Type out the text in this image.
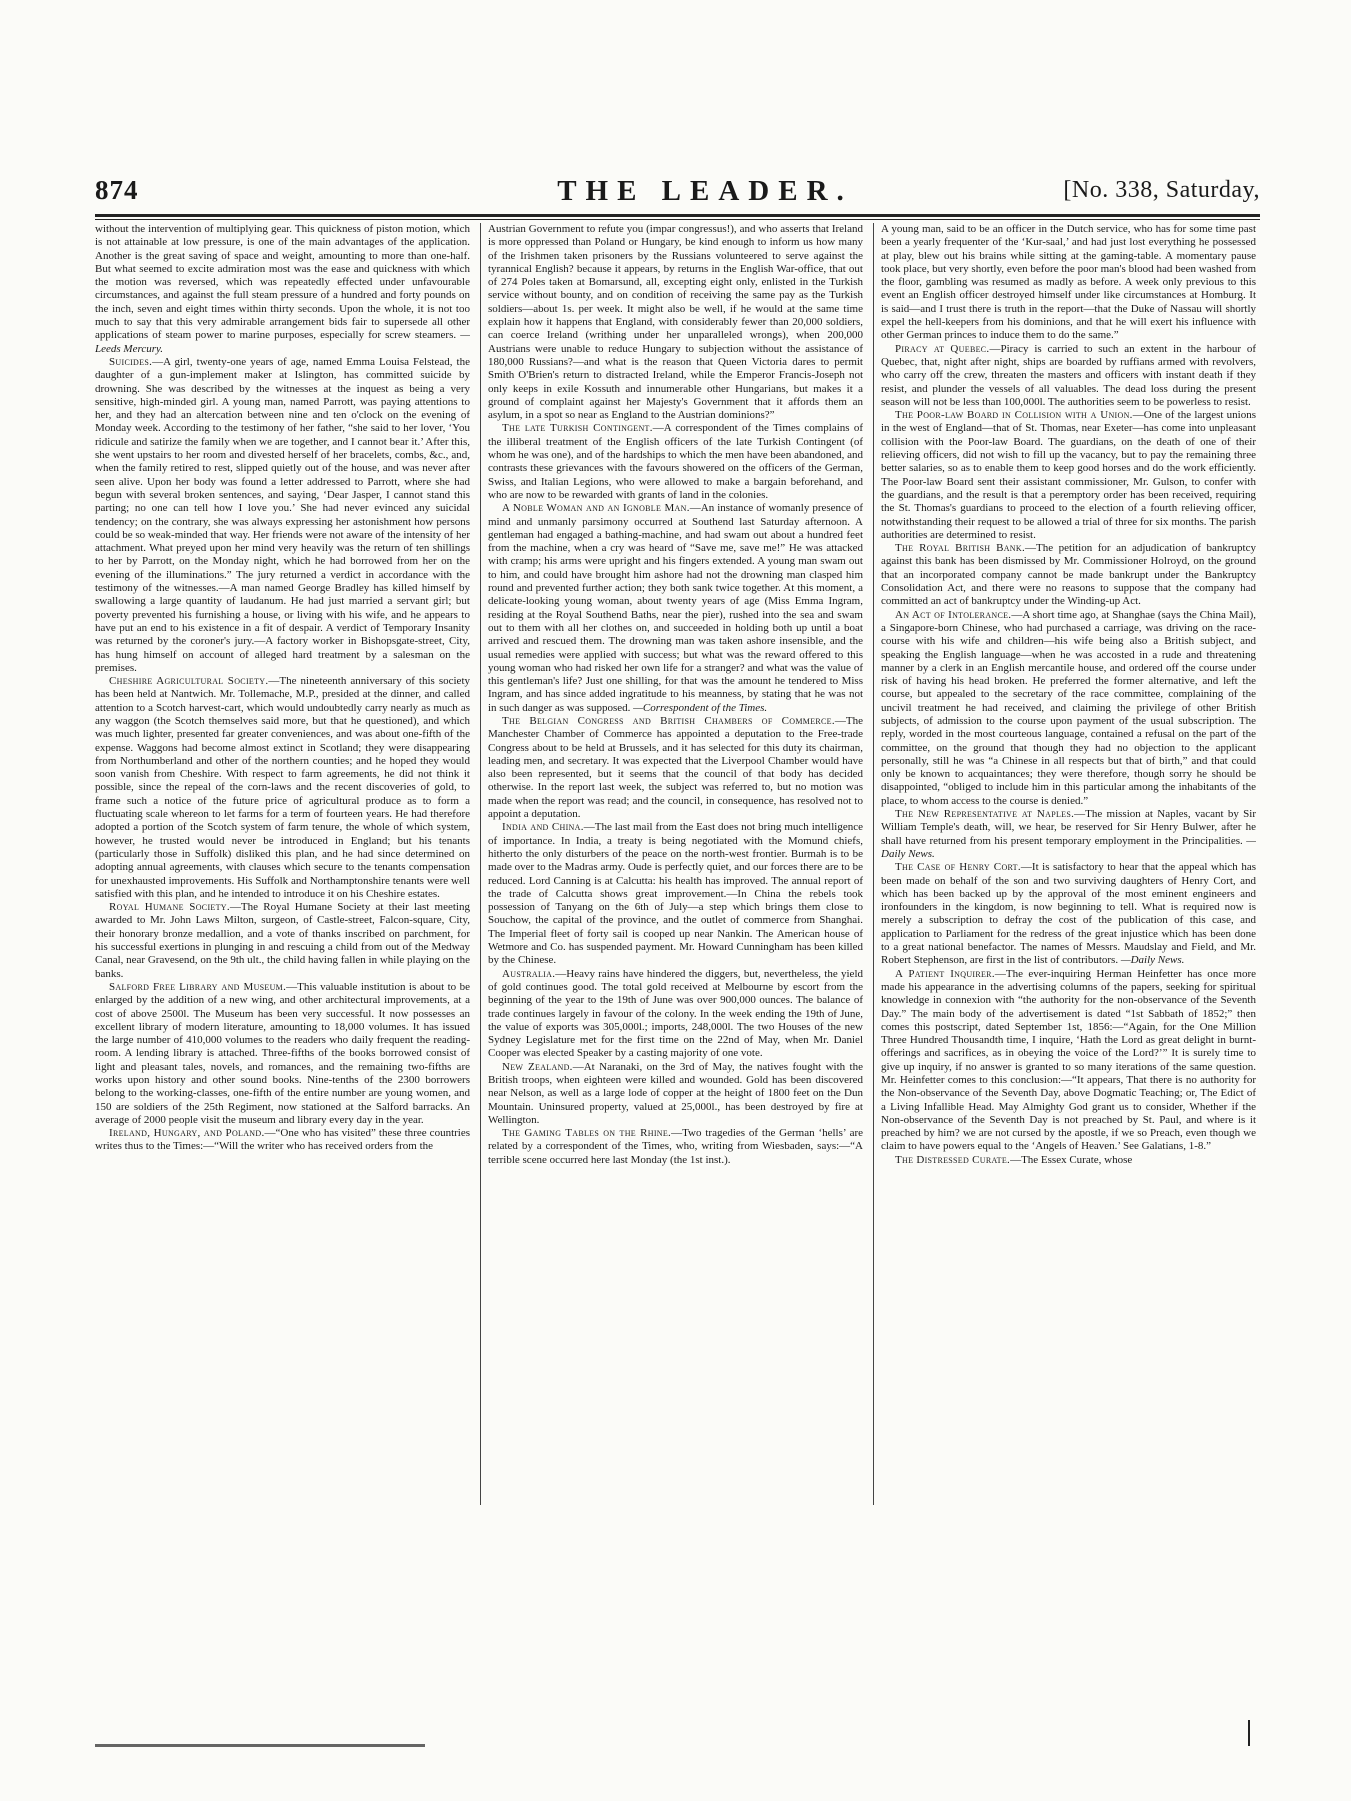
874	THE LEADER.	[No. 338, Saturday,

without the intervention of multiplying gear. This quickness of piston motion, which is not attainable at low pressure, is one of the main advantages of the application. Another is the great saving of space and weight, amounting to more than one-half. But what seemed to excite admiration most was the ease and quickness with which the motion was reversed, which was repeatedly effected under unfavourable circumstances, and against the full steam pressure of a hundred and forty pounds on the inch, seven and eight times within thirty seconds. Upon the whole, it is not too much to say that this very admirable arrangement bids fair to supersede all other applications of steam power to marine purposes, especially for screw steamers. —Leeds Mercury.

Suicides.—A girl, twenty-one years of age, named Emma Louisa Felstead, the daughter of a gun-implement maker at Islington, has committed suicide by drowning. She was described by the witnesses at the inquest as being a very sensitive, high-minded girl. A young man, named Parrott, was paying attentions to her, and they had an altercation between nine and ten o'clock on the evening of Monday week. According to the testimony of her father, “she said to her lover, ‘You ridicule and satirize the family when we are together, and I cannot bear it.’ After this, she went upstairs to her room and divested herself of her bracelets, combs, &c., and, when the family retired to rest, slipped quietly out of the house, and was never after seen alive. Upon her body was found a letter addressed to Parrott, where she had begun with several broken sentences, and saying, ‘Dear Jasper, I cannot stand this parting; no one can tell how I love you.’ She had never evinced any suicidal tendency; on the contrary, she was always expressing her astonishment how persons could be so weak-minded that way. Her friends were not aware of the intensity of her attachment. What preyed upon her mind very heavily was the return of ten shillings to her by Parrott, on the Monday night, which he had borrowed from her on the evening of the illuminations.” The jury returned a verdict in accordance with the testimony of the witnesses.—A man named George Bradley has killed himself by swallowing a large quantity of laudanum. He had just married a servant girl; but poverty prevented his furnishing a house, or living with his wife, and he appears to have put an end to his existence in a fit of despair. A verdict of Temporary Insanity was returned by the coroner's jury.—A factory worker in Bishopsgate-street, City, has hung himself on account of alleged hard treatment by a salesman on the premises.

Cheshire Agricultural Society.—The nineteenth anniversary of this society has been held at Nantwich. Mr. Tollemache, M.P., presided at the dinner, and called attention to a Scotch harvest-cart, which would undoubtedly carry nearly as much as any waggon (the Scotch themselves said more, but that he questioned), and which was much lighter, presented far greater conveniences, and was about one-fifth of the expense. Waggons had become almost extinct in Scotland; they were disappearing from Northumberland and other of the northern counties; and he hoped they would soon vanish from Cheshire. With respect to farm agreements, he did not think it possible, since the repeal of the corn-laws and the recent discoveries of gold, to frame such a notice of the future price of agricultural produce as to form a fluctuating scale whereon to let farms for a term of fourteen years. He had therefore adopted a portion of the Scotch system of farm tenure, the whole of which system, however, he trusted would never be introduced in England; but his tenants (particularly those in Suffolk) disliked this plan, and he had since determined on adopting annual agreements, with clauses which secure to the tenants compensation for unexhausted improvements. His Suffolk and Northamptonshire tenants were well satisfied with this plan, and he intended to introduce it on his Cheshire estates.

Royal Humane Society.—The Royal Humane Society at their last meeting awarded to Mr. John Laws Milton, surgeon, of Castle-street, Falcon-square, City, their honorary bronze medallion, and a vote of thanks inscribed on parchment, for his successful exertions in plunging in and rescuing a child from out of the Medway Canal, near Gravesend, on the 9th ult., the child having fallen in while playing on the banks.

Salford Free Library and Museum.—This valuable institution is about to be enlarged by the addition of a new wing, and other architectural improvements, at a cost of above 2500l. The Museum has been very successful. It now possesses an excellent library of modern literature, amounting to 18,000 volumes. It has issued the large number of 410,000 volumes to the readers who daily frequent the reading-room. A lending library is attached. Three-fifths of the books borrowed consist of light and pleasant tales, novels, and romances, and the remaining two-fifths are works upon history and other sound books. Nine-tenths of the 2300 borrowers belong to the working-classes, one-fifth of the entire number are young women, and 150 are soldiers of the 25th Regiment, now stationed at the Salford barracks. An average of 2000 people visit the museum and library every day in the year.

Ireland, Hungary, and Poland.—“One who has visited” these three countries writes thus to the Times:—“Will the writer who has received orders from the

Austrian Government to refute you (impar congressus!), and who asserts that Ireland is more oppressed than Poland or Hungary, be kind enough to inform us how many of the Irishmen taken prisoners by the Russians volunteered to serve against the tyrannical English? because it appears, by returns in the English War-office, that out of 274 Poles taken at Bomarsund, all, excepting eight only, enlisted in the Turkish service without bounty, and on condition of receiving the same pay as the Turkish soldiers—about 1s. per week. It might also be well, if he would at the same time explain how it happens that England, with considerably fewer than 20,000 soldiers, can coerce Ireland (writhing under her unparalleled wrongs), when 200,000 Austrians were unable to reduce Hungary to subjection without the assistance of 180,000 Russians?—and what is the reason that Queen Victoria dares to permit Smith O'Brien's return to distracted Ireland, while the Emperor Francis-Joseph not only keeps in exile Kossuth and innumerable other Hungarians, but makes it a ground of complaint against her Majesty's Government that it affords them an asylum, in a spot so near as England to the Austrian dominions?”

The late Turkish Contingent.—A correspondent of the Times complains of the illiberal treatment of the English officers of the late Turkish Contingent (of whom he was one), and of the hardships to which the men have been abandoned, and contrasts these grievances with the favours showered on the officers of the German, Swiss, and Italian Legions, who were allowed to make a bargain beforehand, and who are now to be rewarded with grants of land in the colonies.

A Noble Woman and an Ignoble Man.—An instance of womanly presence of mind and unmanly parsimony occurred at Southend last Saturday afternoon. A gentleman had engaged a bathing-machine, and had swam out about a hundred feet from the machine, when a cry was heard of “Save me, save me!” He was attacked with cramp; his arms were upright and his fingers extended. A young man swam out to him, and could have brought him ashore had not the drowning man clasped him round and prevented further action; they both sank twice together. At this moment, a delicate-looking young woman, about twenty years of age (Miss Emma Ingram, residing at the Royal Southend Baths, near the pier), rushed into the sea and swam out to them with all her clothes on, and succeeded in holding both up until a boat arrived and rescued them. The drowning man was taken ashore insensible, and the usual remedies were applied with success; but what was the reward offered to this young woman who had risked her own life for a stranger? and what was the value of this gentleman's life? Just one shilling, for that was the amount he tendered to Miss Ingram, and has since added ingratitude to his meanness, by stating that he was not in such danger as was supposed. —Correspondent of the Times.

The Belgian Congress and British Chambers of Commerce.—The Manchester Chamber of Commerce has appointed a deputation to the Free-trade Congress about to be held at Brussels, and it has selected for this duty its chairman, leading men, and secretary. It was expected that the Liverpool Chamber would have also been represented, but it seems that the council of that body has decided otherwise. In the report last week, the subject was referred to, but no motion was made when the report was read; and the council, in consequence, has resolved not to appoint a deputation.

India and China.—The last mail from the East does not bring much intelligence of importance. In India, a treaty is being negotiated with the Momund chiefs, hitherto the only disturbers of the peace on the north-west frontier. Burmah is to be made over to the Madras army. Oude is perfectly quiet, and our forces there are to be reduced. Lord Canning is at Calcutta: his health has improved. The annual report of the trade of Calcutta shows great improvement.—In China the rebels took possession of Tanyang on the 6th of July—a step which brings them close to Souchow, the capital of the province, and the outlet of commerce from Shanghai. The Imperial fleet of forty sail is cooped up near Nankin. The American house of Wetmore and Co. has suspended payment. Mr. Howard Cunningham has been killed by the Chinese.

Australia.—Heavy rains have hindered the diggers, but, nevertheless, the yield of gold continues good. The total gold received at Melbourne by escort from the beginning of the year to the 19th of June was over 900,000 ounces. The balance of trade continues largely in favour of the colony. In the week ending the 19th of June, the value of exports was 305,000l.; imports, 248,000l. The two Houses of the new Sydney Legislature met for the first time on the 22nd of May, when Mr. Daniel Cooper was elected Speaker by a casting majority of one vote.

New Zealand.—At Naranaki, on the 3rd of May, the natives fought with the British troops, when eighteen were killed and wounded. Gold has been discovered near Nelson, as well as a large lode of copper at the height of 1800 feet on the Dun Mountain. Uninsured property, valued at 25,000l., has been destroyed by fire at Wellington.

The Gaming Tables on the Rhine.—Two tragedies of the German ‘hells’ are related by a correspondent of the Times, who, writing from Wiesbaden, says:—“A terrible scene occurred here last Monday (the 1st inst.).

A young man, said to be an officer in the Dutch service, who has for some time past been a yearly frequenter of the ‘Kur-saal,’ and had just lost everything he possessed at play, blew out his brains while sitting at the gaming-table. A momentary pause took place, but very shortly, even before the poor man's blood had been washed from the floor, gambling was resumed as madly as before. A week only previous to this event an English officer destroyed himself under like circumstances at Homburg. It is said—and I trust there is truth in the report—that the Duke of Nassau will shortly expel the hell-keepers from his dominions, and that he will exert his influence with other German princes to induce them to do the same.”

Piracy at Quebec.—Piracy is carried to such an extent in the harbour of Quebec, that, night after night, ships are boarded by ruffians armed with revolvers, who carry off the crew, threaten the masters and officers with instant death if they resist, and plunder the vessels of all valuables. The dead loss during the present season will not be less than 100,000l. The authorities seem to be powerless to resist.

The Poor-law Board in Collision with a Union.—One of the largest unions in the west of England—that of St. Thomas, near Exeter—has come into unpleasant collision with the Poor-law Board. The guardians, on the death of one of their relieving officers, did not wish to fill up the vacancy, but to pay the remaining three better salaries, so as to enable them to keep good horses and do the work efficiently. The Poor-law Board sent their assistant commissioner, Mr. Gulson, to confer with the guardians, and the result is that a peremptory order has been received, requiring the St. Thomas's guardians to proceed to the election of a fourth relieving officer, notwithstanding their request to be allowed a trial of three for six months. The parish authorities are determined to resist.

The Royal British Bank.—The petition for an adjudication of bankruptcy against this bank has been dismissed by Mr. Commissioner Holroyd, on the ground that an incorporated company cannot be made bankrupt under the Bankruptcy Consolidation Act, and there were no reasons to suppose that the company had committed an act of bankruptcy under the Winding-up Act.

An Act of Intolerance.—A short time ago, at Shanghae (says the China Mail), a Singapore-born Chinese, who had purchased a carriage, was driving on the race-course with his wife and children—his wife being also a British subject, and speaking the English language—when he was accosted in a rude and threatening manner by a clerk in an English mercantile house, and ordered off the course under risk of having his head broken. He preferred the former alternative, and left the course, but appealed to the secretary of the race committee, complaining of the uncivil treatment he had received, and claiming the privilege of other British subjects, of admission to the course upon payment of the usual subscription. The reply, worded in the most courteous language, contained a refusal on the part of the committee, on the ground that though they had no objection to the applicant personally, still he was “a Chinese in all respects but that of birth,” and that could only be known to acquaintances; they were therefore, though sorry he should be disappointed, “obliged to include him in this particular among the inhabitants of the place, to whom access to the course is denied.”

The New Representative at Naples.—The mission at Naples, vacant by Sir William Temple's death, will, we hear, be reserved for Sir Henry Bulwer, after he shall have returned from his present temporary employment in the Principalities. —Daily News.

The Case of Henry Cort.—It is satisfactory to hear that the appeal which has been made on behalf of the son and two surviving daughters of Henry Cort, and which has been backed up by the approval of the most eminent engineers and ironfounders in the kingdom, is now beginning to tell. What is required now is merely a subscription to defray the cost of the publication of this case, and application to Parliament for the redress of the great injustice which has been done to a great national benefactor. The names of Messrs. Maudslay and Field, and Mr. Robert Stephenson, are first in the list of contributors. —Daily News.

A Patient Inquirer.—The ever-inquiring Herman Heinfetter has once more made his appearance in the advertising columns of the papers, seeking for spiritual knowledge in connexion with “the authority for the non-observance of the Seventh Day.” The main body of the advertisement is dated “1st Sabbath of 1852;” then comes this postscript, dated September 1st, 1856:—“Again, for the One Million Three Hundred Thousandth time, I inquire, ‘Hath the Lord as great delight in burnt-offerings and sacrifices, as in obeying the voice of the Lord?’” It is surely time to give up inquiry, if no answer is granted to so many iterations of the same question. Mr. Heinfetter comes to this conclusion:—“It appears, That there is no authority for the Non-observance of the Seventh Day, above Dogmatic Teaching; or, The Edict of a Living Infallible Head. May Almighty God grant us to consider, Whether if the Non-observance of the Seventh Day is not preached by St. Paul, and where is it preached by him? we are not cursed by the apostle, if we so Preach, even though we claim to have powers equal to the ‘Angels of Heaven.’ See Galatians, 1-8.”

The Distressed Curate.—The Essex Curate, whose
